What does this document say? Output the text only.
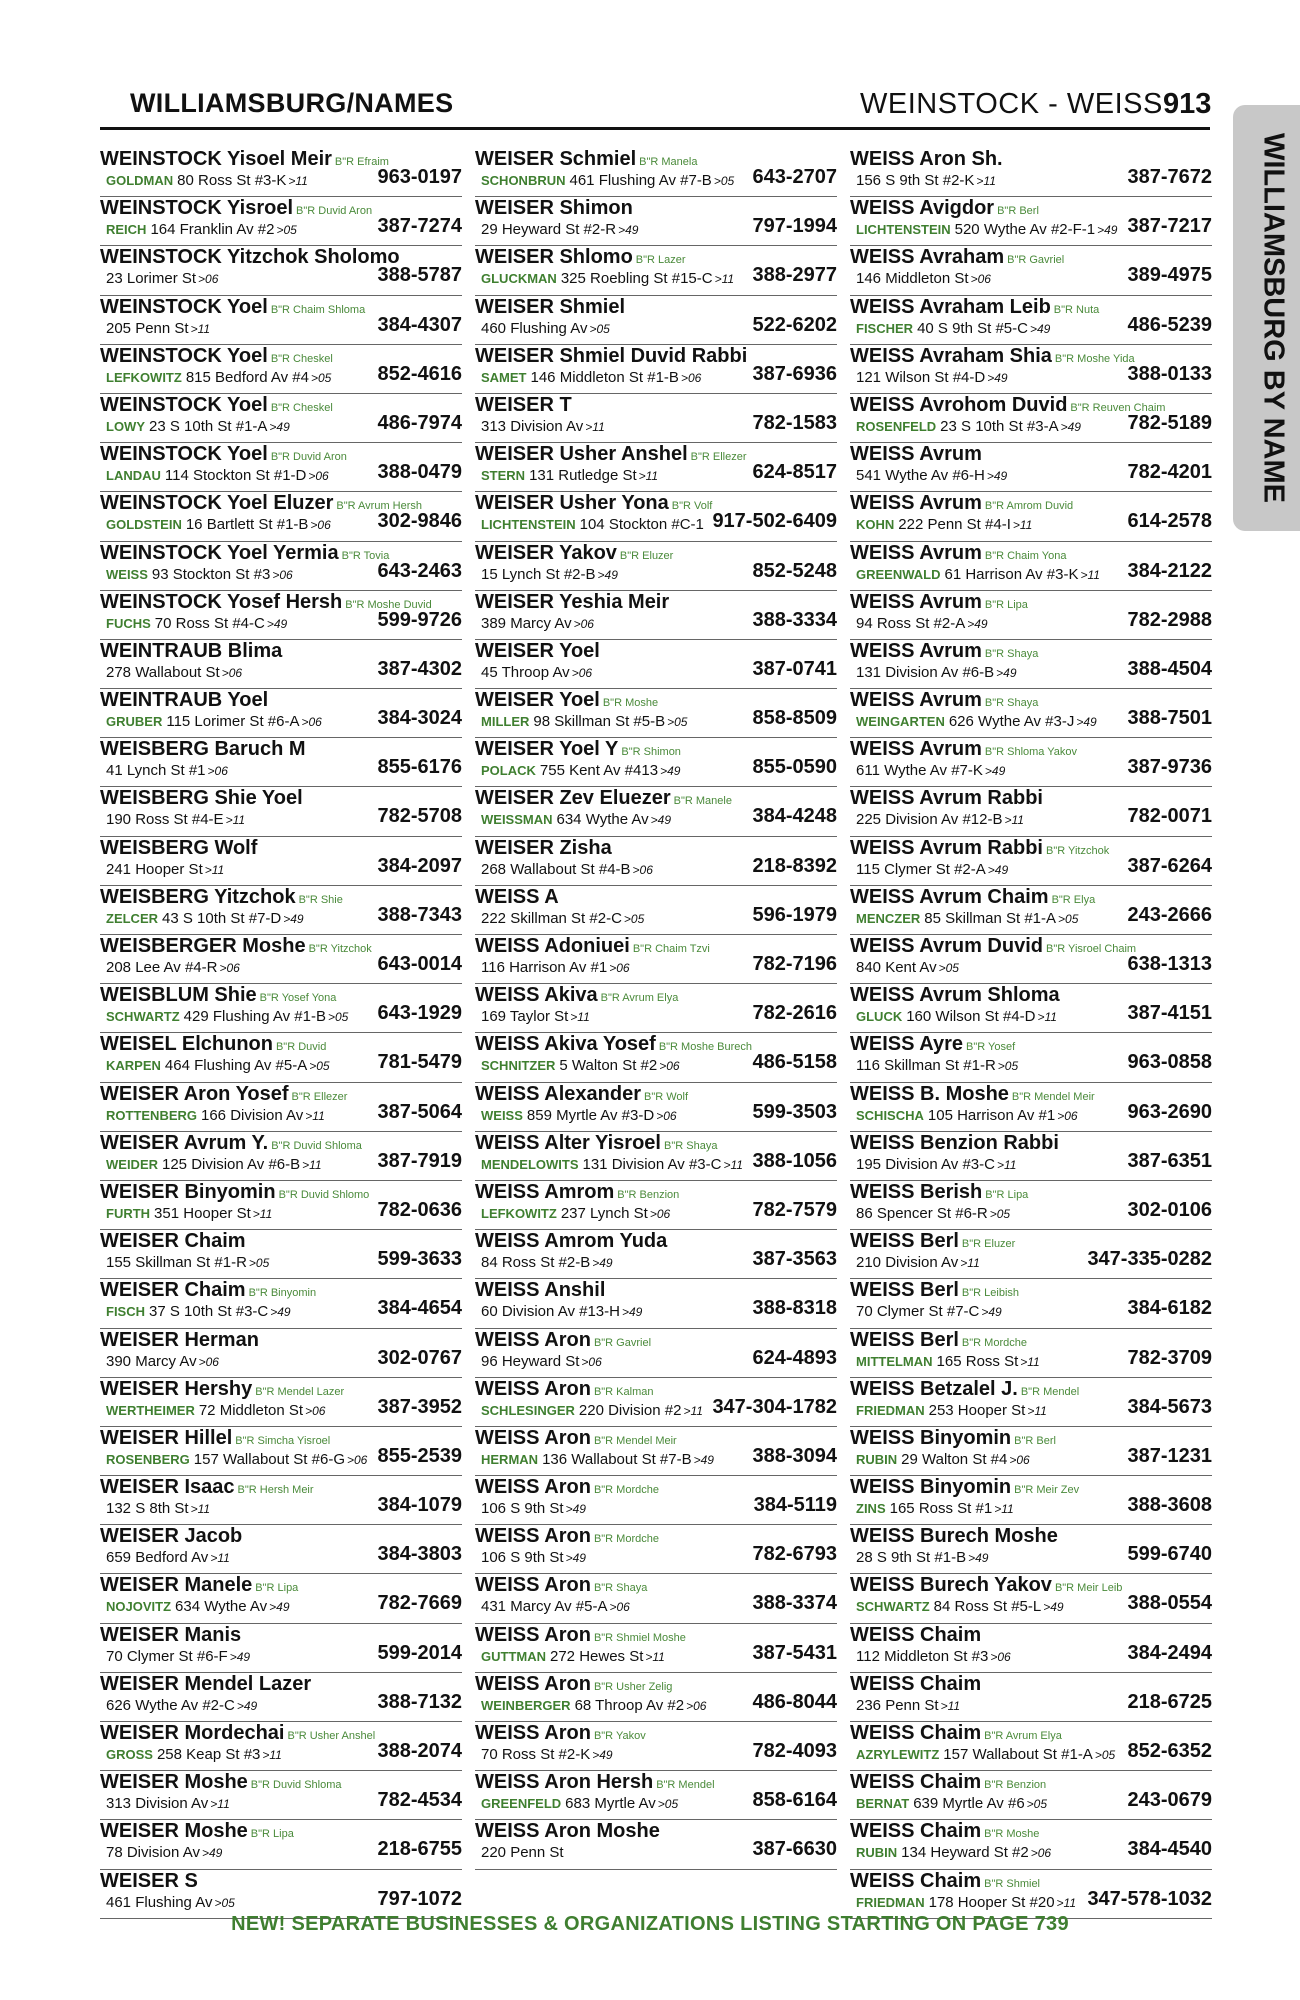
WILLIAMSBURG/NAMES	WEINSTOCK - WEISS 913
WILLIAMSBURG BY NAME
WEINSTOCK Yisoel Meir B"R Efraim
GOLDMAN 80 Ross St #3-K >11	963-0197
WEINSTOCK Yisroel B"R Duvid Aron
REICH 164 Franklin Av #2 >05	387-7274
WEINSTOCK Yitzchok Sholomo
23 Lorimer St >06	388-5787
WEINSTOCK Yoel B"R Chaim Shloma
205 Penn St >11	384-4307
WEINSTOCK Yoel B"R Cheskel
LEFKOWITZ 815 Bedford Av #4 >05 852-4616
WEINSTOCK Yoel B"R Cheskel
LOWY 23 S 10th St #1-A >49	486-7974
WEINSTOCK Yoel B"R Duvid Aron
LANDAU 114 Stockton St #1-D >06 388-0479
WEINSTOCK Yoel Eluzer B"R Avrum Hersh
GOLDSTEIN 16 Bartlett St #1-B >06 302-9846
WEINSTOCK Yoel Yermia B"R Tovia
WEISS 93 Stockton St #3 >06	643-2463
WEINSTOCK Yosef Hersh B"R Moshe Duvid
FUCHS 70 Ross St #4-C >49	599-9726
WEINTRAUB Blima
278 Wallabout St >06	387-4302
WEINTRAUB Yoel
GRUBER 115 Lorimer St #6-A >06	384-3024
WEISBERG Baruch M
41 Lynch St #1 >06	855-6176
WEISBERG Shie Yoel
190 Ross St #4-E >11	782-5708
WEISBERG Wolf
241 Hooper St >11	384-2097
WEISBERG Yitzchok B"R Shie
ZELCER 43 S 10th St #7-D >49	388-7343
WEISBERGER Moshe B"R Yitzchok
208 Lee Av #4-R >06	643-0014
WEISBLUM Shie B"R Yosef Yona
SCHWARTZ 429 Flushing Av #1-B >05 643-1929
WEISEL Elchunon B"R Duvid
KARPEN 464 Flushing Av #5-A >05 781-5479
WEISER Aron Yosef B"R Ellezer
ROTTENBERG 166 Division Av >11	387-5064
WEISER Avrum Y. B"R Duvid Shloma
WEIDER 125 Division Av #6-B >11	387-7919
WEISER Binyomin B"R Duvid Shlomo
FURTH 351 Hooper St >11	782-0636
WEISER Chaim
155 Skillman St #1-R >05	599-3633
WEISER Chaim B"R Binyomin
FISCH 37 S 10th St #3-C >49	384-4654
WEISER Herman
390 Marcy Av >06	302-0767
WEISER Hershy B"R Mendel Lazer
WERTHEIMER 72 Middleton St >06	387-3952
WEISER Hillel B"R Simcha Yisroel
ROSENBERG 157 Wallabout St #6-G >06 855-2539
WEISER Isaac B"R Hersh Meir
132 S 8th St >11	384-1079
WEISER Jacob
659 Bedford Av >11	384-3803
WEISER Manele B"R Lipa
NOJOVITZ 634 Wythe Av >49	782-7669
WEISER Manis
70 Clymer St #6-F >49	599-2014
WEISER Mendel Lazer
626 Wythe Av #2-C >49	388-7132
WEISER Mordechai B"R Usher Anshel
GROSS 258 Keap St #3 >11	388-2074
WEISER Moshe B"R Duvid Shloma
313 Division Av >11	782-4534
WEISER Moshe B"R Lipa
78 Division Av >49	218-6755
WEISER S
461 Flushing Av >05	797-1072
WEISER Schmiel B"R Manela
SCHONBRUN 461 Flushing Av #7-B >05 643-2707
WEISER Shimon
29 Heyward St #2-R >49	797-1994
WEISER Shlomo B"R Lazer
GLUCKMAN 325 Roebling St #15-C >11 388-2977
WEISER Shmiel
460 Flushing Av >05	522-6202
WEISER Shmiel Duvid Rabbi
SAMET 146 Middleton St #1-B >06	387-6936
WEISER T
313 Division Av >11	782-1583
WEISER Usher Anshel B"R Ellezer
STERN 131 Rutledge St >11	624-8517
WEISER Usher Yona B"R Volf
LICHTENSTEIN 104 Stockton #C-1 917-502-6409
WEISER Yakov B"R Eluzer
15 Lynch St #2-B >49	852-5248
WEISER Yeshia Meir
389 Marcy Av >06	388-3334
WEISER Yoel
45 Throop Av >06	387-0741
WEISER Yoel B"R Moshe
MILLER 98 Skillman St #5-B >05	858-8509
WEISER Yoel Y B"R Shimon
POLACK 755 Kent Av #413 >49	855-0590
WEISER Zev Eluezer B"R Manele
WEISSMAN 634 Wythe Av >49	384-4248
WEISER Zisha
268 Wallabout St #4-B >06	218-8392
WEISS A
222 Skillman St #2-C >05	596-1979
WEISS Adoniuei B"R Chaim Tzvi
116 Harrison Av #1 >06	782-7196
WEISS Akiva B"R Avrum Elya
169 Taylor St >11	782-2616
WEISS Akiva Yosef B"R Moshe Burech
SCHNITZER 5 Walton St #2 >06	486-5158
WEISS Alexander B"R Wolf
WEISS 859 Myrtle Av #3-D >06	599-3503
WEISS Alter Yisroel B"R Shaya
MENDELOWITS 131 Division Av #3-C >11 388-1056
WEISS Amrom B"R Benzion
LEFKOWITZ 237 Lynch St >06	782-7579
WEISS Amrom Yuda
84 Ross St #2-B >49	387-3563
WEISS Anshil
60 Division Av #13-H >49	388-8318
WEISS Aron B"R Gavriel
96 Heyward St >06	624-4893
WEISS Aron B"R Kalman
SCHLESINGER 220 Division #2 >11 347-304-1782
WEISS Aron B"R Mendel Meir
HERMAN 136 Wallabout St #7-B >49 388-3094
WEISS Aron B"R Mordche
106 S 9th St >49	384-5119
WEISS Aron B"R Mordche
106 S 9th St >49	782-6793
WEISS Aron B"R Shaya
431 Marcy Av #5-A >06	388-3374
WEISS Aron B"R Shmiel Moshe
GUTTMAN 272 Hewes St >11	387-5431
WEISS Aron B"R Usher Zelig
WEINBERGER 68 Throop Av #2 >06 486-8044
WEISS Aron B"R Yakov
70 Ross St #2-K >49	782-4093
WEISS Aron Hersh B"R Mendel
GREENFELD 683 Myrtle Av >05	858-6164
WEISS Aron Moshe
220 Penn St	387-6630
WEISS Aron Sh.
156 S 9th St #2-K >11	387-7672
WEISS Avigdor B"R Berl
LICHTENSTEIN 520 Wythe Av #2-F-1 >49 387-7217
WEISS Avraham B"R Gavriel
146 Middleton St >06	389-4975
WEISS Avraham Leib B"R Nuta
FISCHER 40 S 9th St #5-C >49	486-5239
WEISS Avraham Shia B"R Moshe Yida
121 Wilson St #4-D >49	388-0133
WEISS Avrohom Duvid B"R Reuven Chaim
ROSENFELD 23 S 10th St #3-A >49 782-5189
WEISS Avrum
541 Wythe Av #6-H >49	782-4201
WEISS Avrum B"R Amrom Duvid
KOHN 222 Penn St #4-I >11	614-2578
WEISS Avrum B"R Chaim Yona
GREENWALD 61 Harrison Av #3-K >11 384-2122
WEISS Avrum B"R Lipa
94 Ross St #2-A >49	782-2988
WEISS Avrum B"R Shaya
131 Division Av #6-B >49	388-4504
WEISS Avrum B"R Shaya
WEINGARTEN 626 Wythe Av #3-J >49 388-7501
WEISS Avrum B"R Shloma Yakov
611 Wythe Av #7-K >49	387-9736
WEISS Avrum Rabbi
225 Division Av #12-B >11	782-0071
WEISS Avrum Rabbi B"R Yitzchok
115 Clymer St #2-A >49	387-6264
WEISS Avrum Chaim B"R Elya
MENCZER 85 Skillman St #1-A >05 243-2666
WEISS Avrum Duvid B"R Yisroel Chaim
840 Kent Av >05	638-1313
WEISS Avrum Shloma
GLUCK 160 Wilson St #4-D >11	387-4151
WEISS Ayre B"R Yosef
116 Skillman St #1-R >05	963-0858
WEISS B. Moshe B"R Mendel Meir
SCHISCHA 105 Harrison Av #1 >06 963-2690
WEISS Benzion Rabbi
195 Division Av #3-C >11	387-6351
WEISS Berish B"R Lipa
86 Spencer St #6-R >05	302-0106
WEISS Berl B"R Eluzer
210 Division Av >11	347-335-0282
WEISS Berl B"R Leibish
70 Clymer St #7-C >49	384-6182
WEISS Berl B"R Mordche
MITTELMAN 165 Ross St >11	782-3709
WEISS Betzalel J. B"R Mendel
FRIEDMAN 253 Hooper St >11	384-5673
WEISS Binyomin B"R Berl
RUBIN 29 Walton St #4 >06	387-1231
WEISS Binyomin B"R Meir Zev
ZINS 165 Ross St #1 >11	388-3608
WEISS Burech Moshe
28 S 9th St #1-B >49	599-6740
WEISS Burech Yakov B"R Meir Leib
SCHWARTZ 84 Ross St #5-L >49	388-0554
WEISS Chaim
112 Middleton St #3 >06	384-2494
WEISS Chaim
236 Penn St >11	218-6725
WEISS Chaim B"R Avrum Elya
AZRYLEWITZ 157 Wallabout St #1-A >05 852-6352
WEISS Chaim B"R Benzion
BERNAT 639 Myrtle Av #6 >05	243-0679
WEISS Chaim B"R Moshe
RUBIN 134 Heyward St #2 >06	384-4540
WEISS Chaim B"R Shmiel
FRIEDMAN 178 Hooper St #20 >11 347-578-1032
NEW! SEPARATE BUSINESSES & ORGANIZATIONS LISTING STARTING ON PAGE 739
